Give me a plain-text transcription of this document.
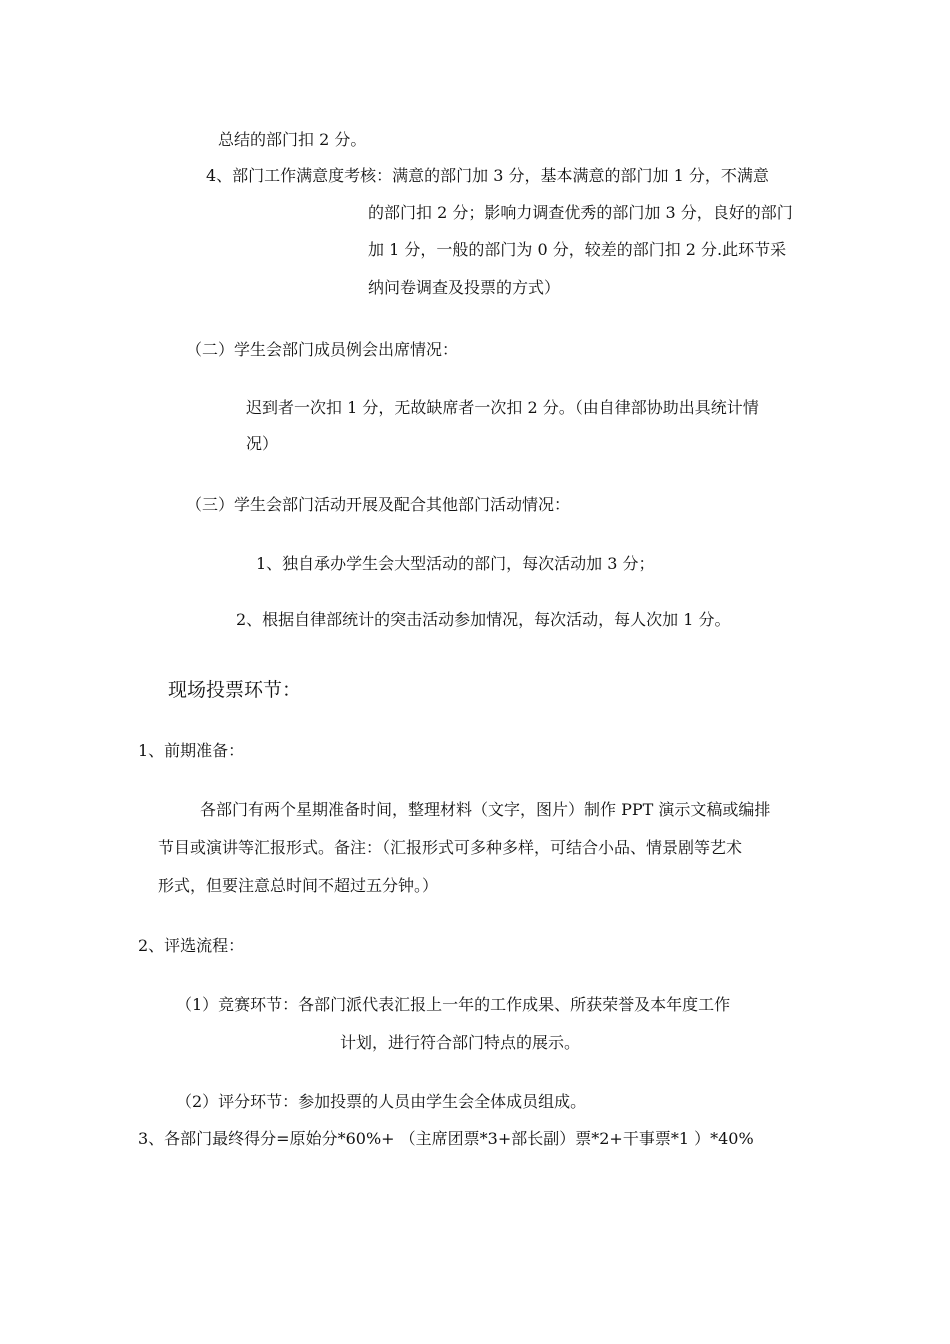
总结的部门扣 2 分。
4、部门工作满意度考核：满意的部门加 3 分，基本满意的部门加 1 分，不满意
的部门扣 2 分；影响力调查优秀的部门加 3 分，良好的部门
加 1 分，一般的部门为 0 分，较差的部门扣 2 分.此环节采
纳问卷调查及投票的方式）
（二）学生会部门成员例会出席情况：
迟到者一次扣 1 分，无故缺席者一次扣 2 分。（由自律部协助出具统计情
况）
（三）学生会部门活动开展及配合其他部门活动情况：
1、独自承办学生会大型活动的部门，每次活动加 3 分；
2、根据自律部统计的突击活动参加情况，每次活动，每人次加 1 分。
现场投票环节：
1、前期准备：
各部门有两个星期准备时间，整理材料（文字，图片）制作 PPT 演示文稿或编排
节目或演讲等汇报形式。备注：（汇报形式可多种多样，可结合小品、情景剧等艺术
形式，但要注意总时间不超过五分钟。）
2、评选流程：
（1）竞赛环节：各部门派代表汇报上一年的工作成果、所获荣誉及本年度工作
计划，进行符合部门特点的展示。
（2）评分环节：参加投票的人员由学生会全体成员组成。
3、各部门最终得分=原始分*60%+ （主席团票*3+部长副）票*2+干事票*1 ）*40%
